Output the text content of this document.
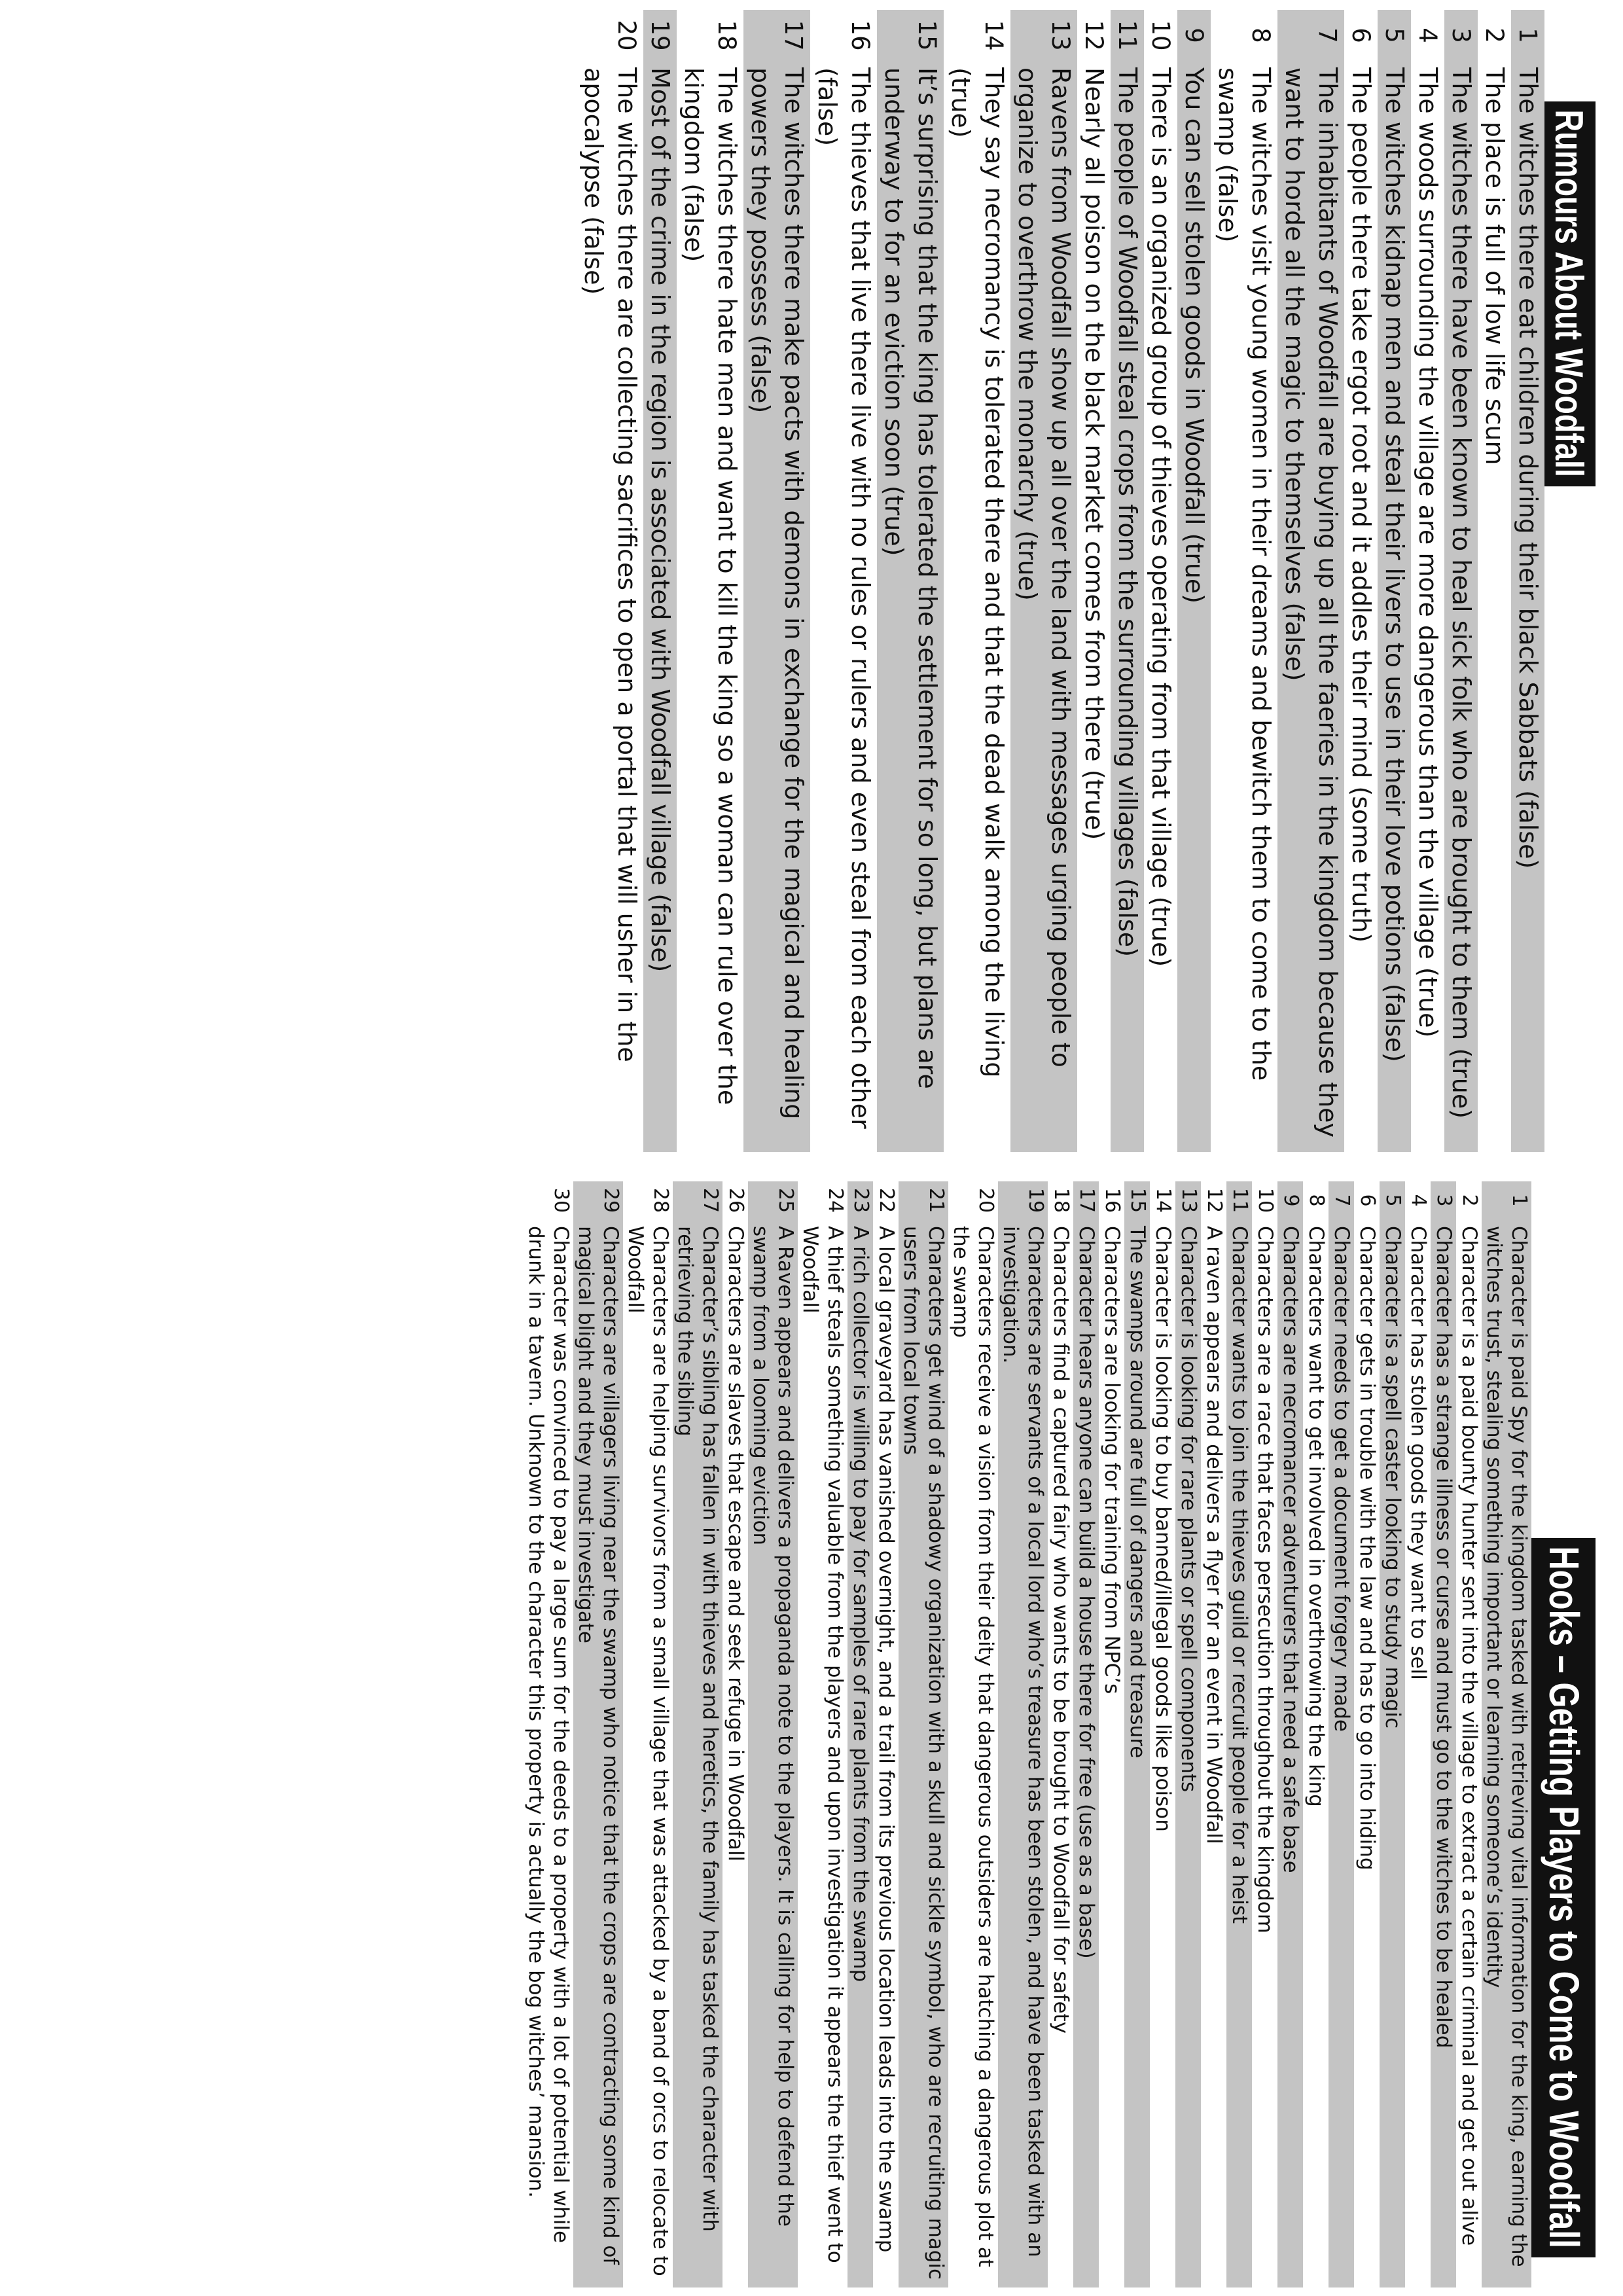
Rumours About Woodfall
1
The witches there eat children during their black Sabbats (false)
2
The place is full of low life scum
3
The witches there have been known to heal sick folk who are brought to them (true)
4
The woods surrounding the village are more dangerous than the village (true)
5
The witches kidnap men and steal their livers to use in their love potions (false)
6
The people there take ergot root and it addles their mind (some truth)
7
The inhabitants of Woodfall are buying up all the faeries in the kingdom because they want to horde all the magic to themselves (false)
8
The witches visit young women in their dreams and bewitch them to come to the swamp (false)
9
You can sell stolen goods in Woodfall (true)
10
There is an organized group of thieves operating from that village (true)
11
The people of Woodfall steal crops from the surrounding villages (false)
12
Nearly all poison on the black market comes from there (true)
13
Ravens from Woodfall show up all over the land with messages urging people to organize to overthrow the monarchy (true)
14
They say necromancy is tolerated there and that the dead walk among the living (true)
15
It’s surprising that the king has tolerated the settlement for so long, but plans are underway to for an eviction soon (true)
16
The thieves that live there live with no rules or rulers and even steal from each other (false)
17
The witches there make pacts with demons in exchange for the magical and healing powers they possess (false)
18
The witches there hate men and want to kill the king so a woman can rule over the kingdom (false)
19
Most of the crime in the region is associated with Woodfall village (false)
20
The witches there are collecting sacrifices to open a portal that will usher in the apocalypse (false)
Hooks – Getting Players to Come to Woodfall
1
Character is paid Spy for the kingdom tasked with retrieving vital information for the king, earning the witches trust, stealing something important or learning someone’s identity
2
Character is a paid bounty hunter sent into the village to extract a certain criminal and get out alive
3
Character has a strange illness or curse and must go to the witches to be healed
4
Character has stolen goods they want to sell
5
Character is a spell caster looking to study magic
6
Character gets in trouble with the law and has to go into hiding
7
Character needs to get a document forgery made
8
Characters want to get involved in overthrowing the king
9
Characters are necromancer adventurers that need a safe base
10
Characters are a race that faces persecution throughout the kingdom
11
Character wants to join the thieves guild or recruit people for a heist
12
A raven appears and delivers a flyer for an event in Woodfall
13
Character is looking for rare plants or spell components
14
Character is looking to buy banned/illegal goods like poison
15
The swamps around are full of dangers and treasure
16
Characters are looking for training from NPC’s
17
Character hears anyone can build a house there for free (use as a base)
18
Characters find a captured fairy who wants to be brought to Woodfall for safety
19
Characters are servants of a local lord who’s treasure has been stolen, and have been tasked with an investigation.
20
Characters receive a vision from their deity that dangerous outsiders are hatching a dangerous plot at the swamp
21
Characters get wind of a shadowy organization with a skull and sickle symbol, who are recruiting magic users from local towns
22
A local graveyard has vanished overnight, and a trail from its previous location leads into the swamp
23
A rich collector is willing to pay for samples of rare plants from the swamp
24
A thief steals something valuable from the players and upon investigation it appears the thief went to Woodfall
25
A Raven appears and delivers a propaganda note to the players. It is calling for help to defend the swamp from a looming eviction
26
Characters are slaves that escape and seek refuge in Woodfall
27
Character’s sibling has fallen in with thieves and heretics, the family has tasked the character with retrieving the sibling
28
Characters are helping survivors from a small village that was attacked by a band of orcs to relocate to Woodfall
29
Characters are villagers living near the swamp who notice that the crops are contracting some kind of magical blight and they must investigate
30
Character was convinced to pay a large sum for the deeds to a property with a lot of potential while drunk in a tavern. Unknown to the character this property is actually the bog witches’ mansion.
